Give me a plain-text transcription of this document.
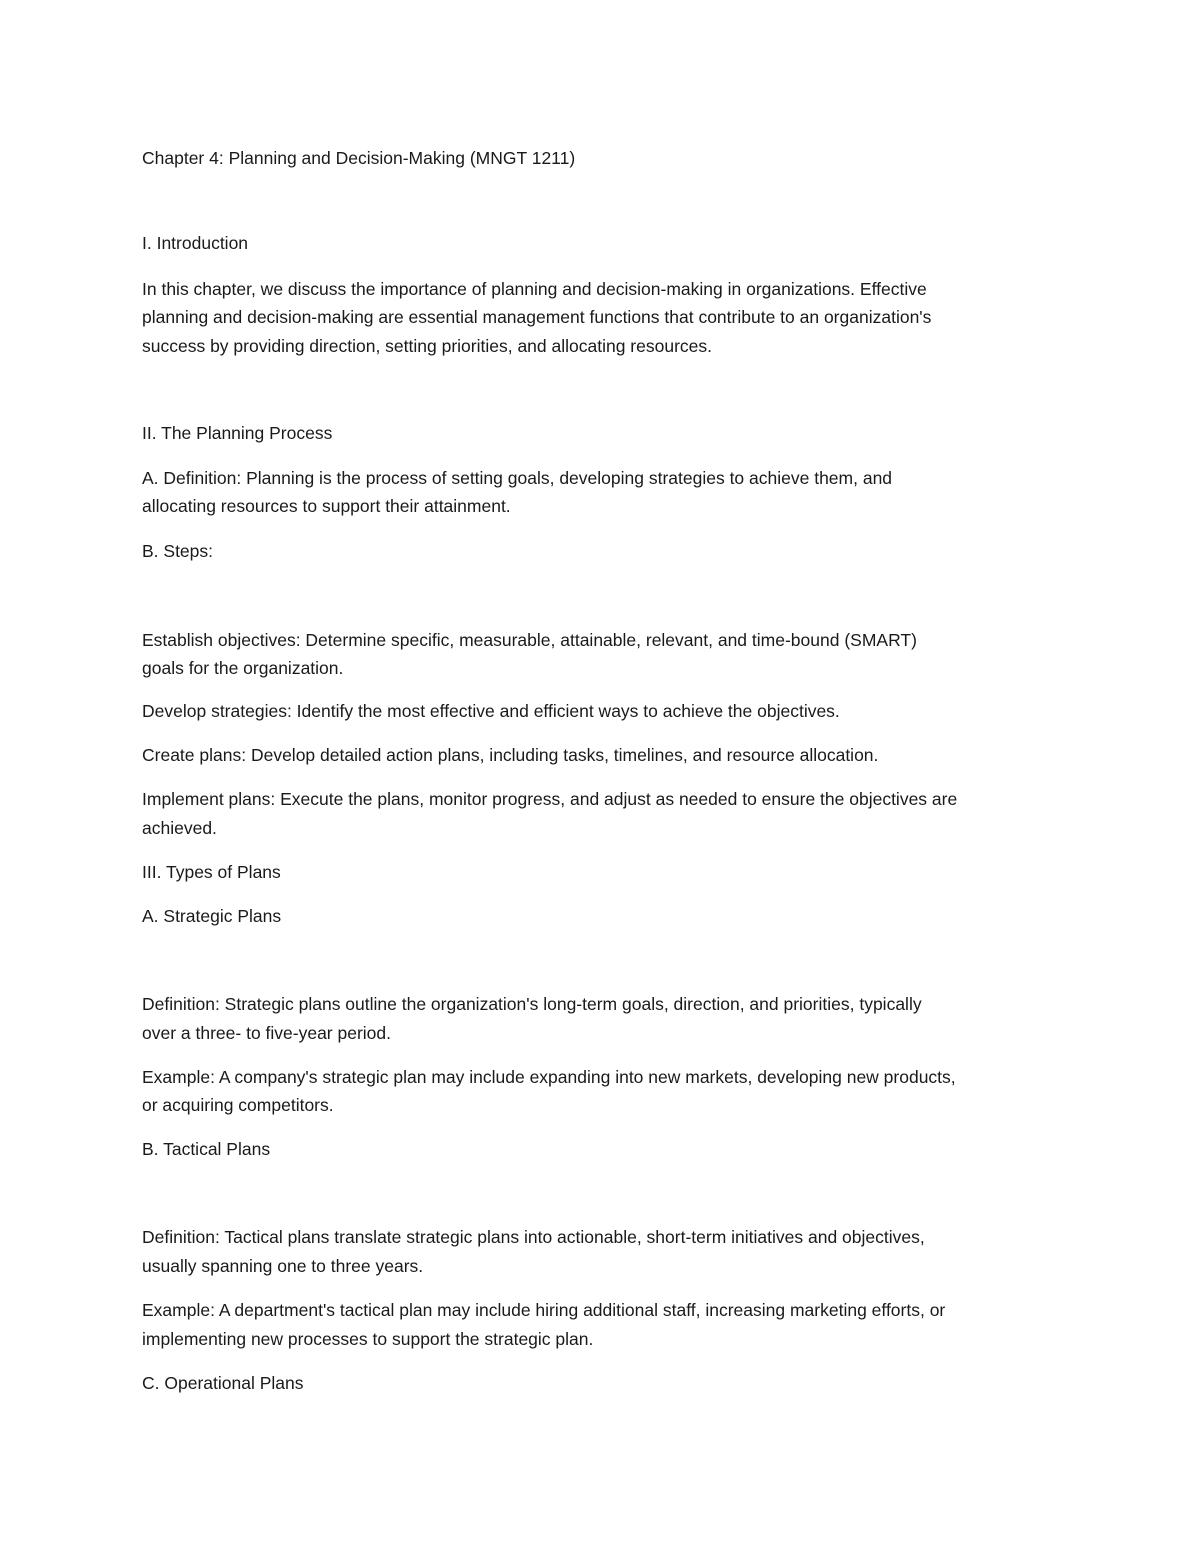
Chapter 4: Planning and Decision-Making (MNGT 1211)

I. Introduction

In this chapter, we discuss the importance of planning and decision-making in organizations. Effective

planning and decision-making are essential management functions that contribute to an organization's

success by providing direction, setting priorities, and allocating resources.

II. The Planning Process

A. Definition: Planning is the process of setting goals, developing strategies to achieve them, and

allocating resources to support their attainment.

B. Steps:

Establish objectives: Determine specific, measurable, attainable, relevant, and time-bound (SMART)

goals for the organization.

Develop strategies: Identify the most effective and efficient ways to achieve the objectives.

Create plans: Develop detailed action plans, including tasks, timelines, and resource allocation.

Implement plans: Execute the plans, monitor progress, and adjust as needed to ensure the objectives are

achieved.

III. Types of Plans

A. Strategic Plans

Definition: Strategic plans outline the organization's long-term goals, direction, and priorities, typically

over a three- to five-year period.

Example: A company's strategic plan may include expanding into new markets, developing new products,

or acquiring competitors.

B. Tactical Plans

Definition: Tactical plans translate strategic plans into actionable, short-term initiatives and objectives,

usually spanning one to three years.

Example: A department's tactical plan may include hiring additional staff, increasing marketing efforts, or

implementing new processes to support the strategic plan.

C. Operational Plans
